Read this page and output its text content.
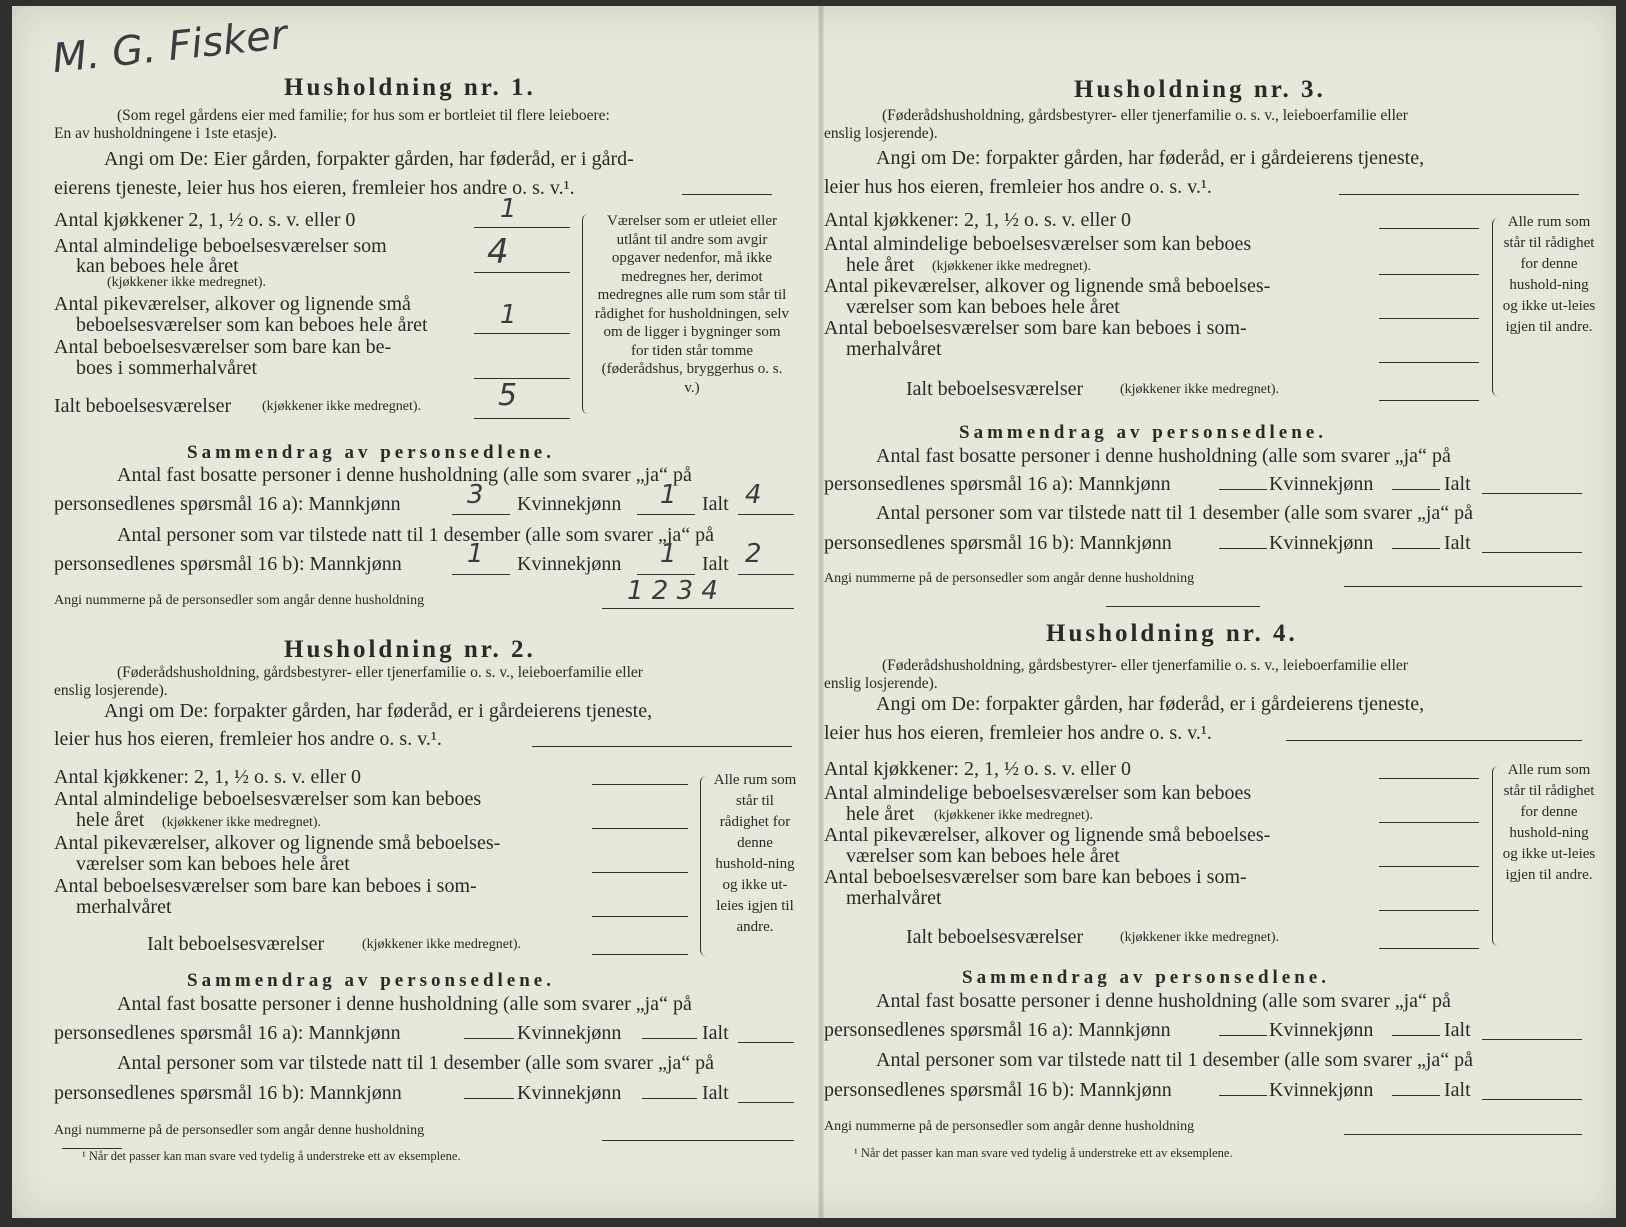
M. G. Fisker
Husholdning nr. 1.
(Som regel gårdens eier med familie; for hus som er bortleiet til flere leieboere:
En av husholdningene i 1ste etasje).
Angi om De: Eier gården, forpakter gården, har føderåd, er i gård-
eierens tjeneste, leier hus hos eieren, fremleier hos andre o. s. v.¹.
Antal kjøkkener 2, 1, ½ o. s. v. eller 0	1
Antal almindelige beboelsesværelser som
kan beboes hele året
(kjøkkener ikke medregnet).
4
Antal pikeværelser, alkover og lignende små
beboelsesværelser som kan beboes hele året	1
Antal beboelsesværelser som bare kan be-
boes i sommerhalvåret
Ialt beboelsesværelser (kjøkkener ikke medregnet).	5
Værelser som er utleiet eller utlånt til andre som avgir opgaver nedenfor, må ikke medregnes her, derimot medregnes alle rum som står til rådighet for husholdningen, selv om de ligger i bygninger som for tiden står tomme (føderådshus, bryggerhus o. s. v.)
Sammendrag av personsedlene.
Antal fast bosatte personer i denne husholdning (alle som svarer „ja“ på
personsedlenes spørsmål 16 a): Mannkjønn	3 Kvinnekjønn 1 Ialt 4
Antal personer som var tilstede natt til 1 desember (alle som svarer „ja“ på
personsedlenes spørsmål 16 b): Mannkjønn	1 Kvinnekjønn 1 Ialt 2
Angi nummerne på de personsedler som angår denne husholdning	1 2 3 4
Husholdning nr. 2.
(Føderådshusholdning, gårdsbestyrer- eller tjenerfamilie o. s. v., leieboerfamilie eller
enslig losjerende).
Angi om De: forpakter gården, har føderåd, er i gårdeierens tjeneste,
leier hus hos eieren, fremleier hos andre o. s. v.¹.
Antal kjøkkener: 2, 1, ½ o. s. v. eller 0
Antal almindelige beboelsesværelser som kan beboes
hele året (kjøkkener ikke medregnet).
Antal pikeværelser, alkover og lignende små beboelses-
værelser som kan beboes hele året
Antal beboelsesværelser som bare kan beboes i som-
merhalvåret
Ialt beboelsesværelser	(kjøkkener ikke medregnet).
Alle rum som står til rådighet for denne hushold-ning og ikke ut-leies igjen til andre.
Sammendrag av personsedlene.
Antal fast bosatte personer i denne husholdning (alle som svarer „ja“ på
personsedlenes spørsmål 16 a): Mannkjønn	Kvinnekjønn	Ialt
Antal personer som var tilstede natt til 1 desember (alle som svarer „ja“ på
personsedlenes spørsmål 16 b): Mannkjønn	Kvinnekjønn	Ialt
Angi nummerne på de personsedler som angår denne husholdning
¹ Når det passer kan man svare ved tydelig å understreke ett av eksemplene.
Husholdning nr. 3.
(Føderådshusholdning, gårdsbestyrer- eller tjenerfamilie o. s. v., leieboerfamilie eller
enslig losjerende).
Angi om De: forpakter gården, har føderåd, er i gårdeierens tjeneste,
leier hus hos eieren, fremleier hos andre o. s. v.¹.
Antal kjøkkener: 2, 1, ½ o. s. v. eller 0
Antal almindelige beboelsesværelser som kan beboes
hele året (kjøkkener ikke medregnet).
Antal pikeværelser, alkover og lignende små beboelses-
værelser som kan beboes hele året
Antal beboelsesværelser som bare kan beboes i som-
merhalvåret
Ialt beboelsesværelser	(kjøkkener ikke medregnet).
Alle rum som står til rådighet for denne hushold-ning og ikke ut-leies igjen til andre.
Sammendrag av personsedlene.
Antal fast bosatte personer i denne husholdning (alle som svarer „ja“ på
personsedlenes spørsmål 16 a): Mannkjønn	Kvinnekjønn	Ialt
Antal personer som var tilstede natt til 1 desember (alle som svarer „ja“ på
personsedlenes spørsmål 16 b): Mannkjønn	Kvinnekjønn	Ialt
Angi nummerne på de personsedler som angår denne husholdning
Husholdning nr. 4.
(Føderådshusholdning, gårdsbestyrer- eller tjenerfamilie o. s. v., leieboerfamilie eller
enslig losjerende).
Angi om De: forpakter gården, har føderåd, er i gårdeierens tjeneste,
leier hus hos eieren, fremleier hos andre o. s. v.¹.
Antal kjøkkener: 2, 1, ½ o. s. v. eller 0
Antal almindelige beboelsesværelser som kan beboes
hele året (kjøkkener ikke medregnet).
Antal pikeværelser, alkover og lignende små beboelses-
værelser som kan beboes hele året
Antal beboelsesværelser som bare kan beboes i som-
merhalvåret
Ialt beboelsesværelser	(kjøkkener ikke medregnet).
Alle rum som står til rådighet for denne hushold-ning og ikke ut-leies igjen til andre.
Sammendrag av personsedlene.
Antal fast bosatte personer i denne husholdning (alle som svarer „ja“ på
personsedlenes spørsmål 16 a): Mannkjønn	Kvinnekjønn	Ialt
Antal personer som var tilstede natt til 1 desember (alle som svarer „ja“ på
personsedlenes spørsmål 16 b): Mannkjønn	Kvinnekjønn	Ialt
Angi nummerne på de personsedler som angår denne husholdning
¹ Når det passer kan man svare ved tydelig å understreke ett av eksemplene.
